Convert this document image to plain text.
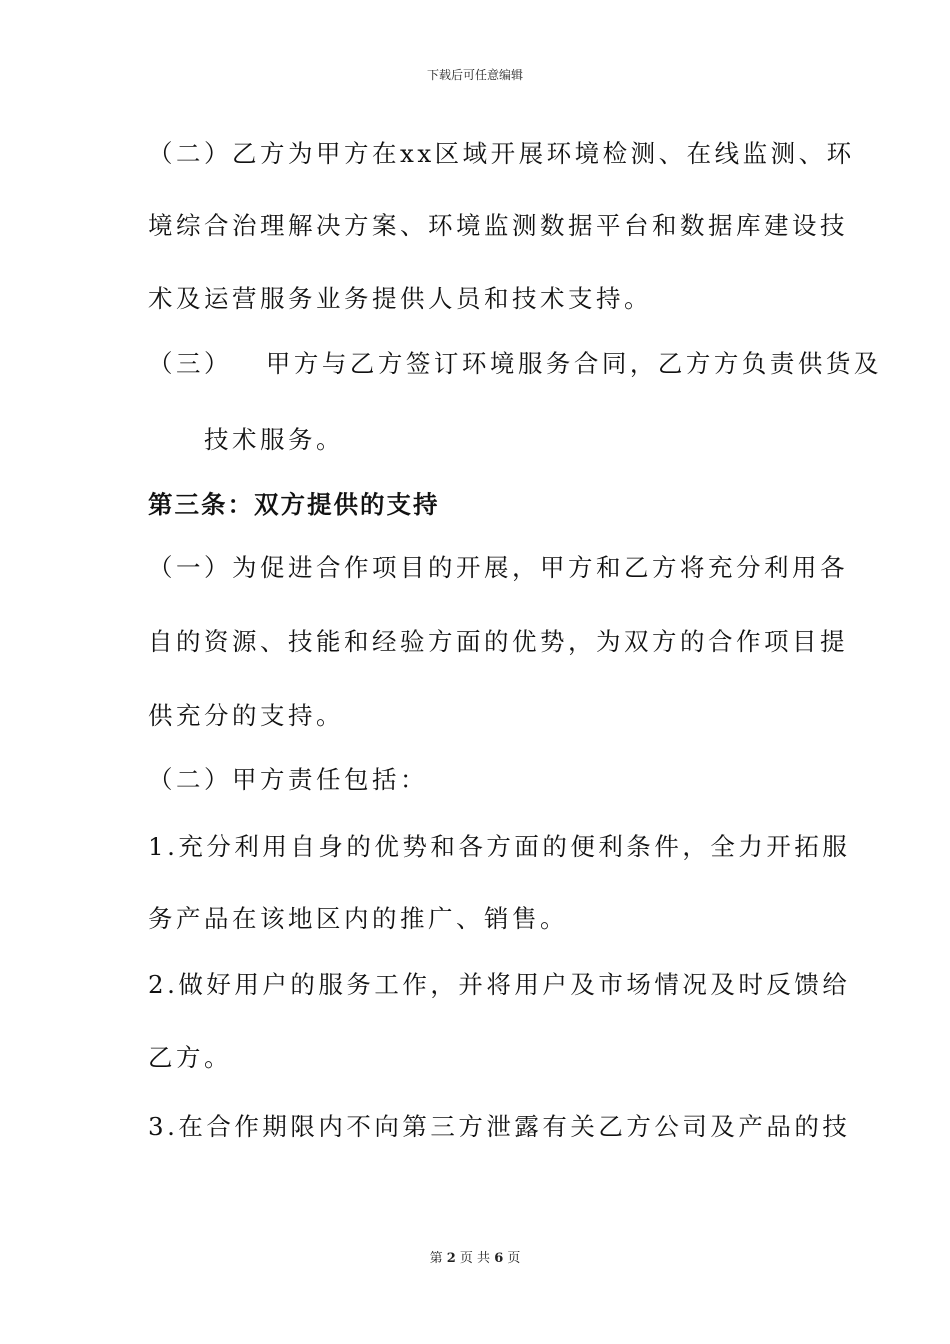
下载后可任意编辑
（二）乙方为甲方在xx区域开展环境检测、在线监测、环
境综合治理解决方案、环境监测数据平台和数据库建设技
术及运营服务业务提供人员和技术支持。
（三）   甲方与乙方签订环境服务合同，乙方方负责供货及
技术服务。
第三条：双方提供的支持
（一）为促进合作项目的开展，甲方和乙方将充分利用各
自的资源、技能和经验方面的优势，为双方的合作项目提
供充分的支持。
（二）甲方责任包括：
1.充分利用自身的优势和各方面的便利条件，全力开拓服
务产品在该地区内的推广、销售。
2.做好用户的服务工作，并将用户及市场情况及时反馈给
乙方。
3.在合作期限内不向第三方泄露有关乙方公司及产品的技
第 2 页 共 6 页
